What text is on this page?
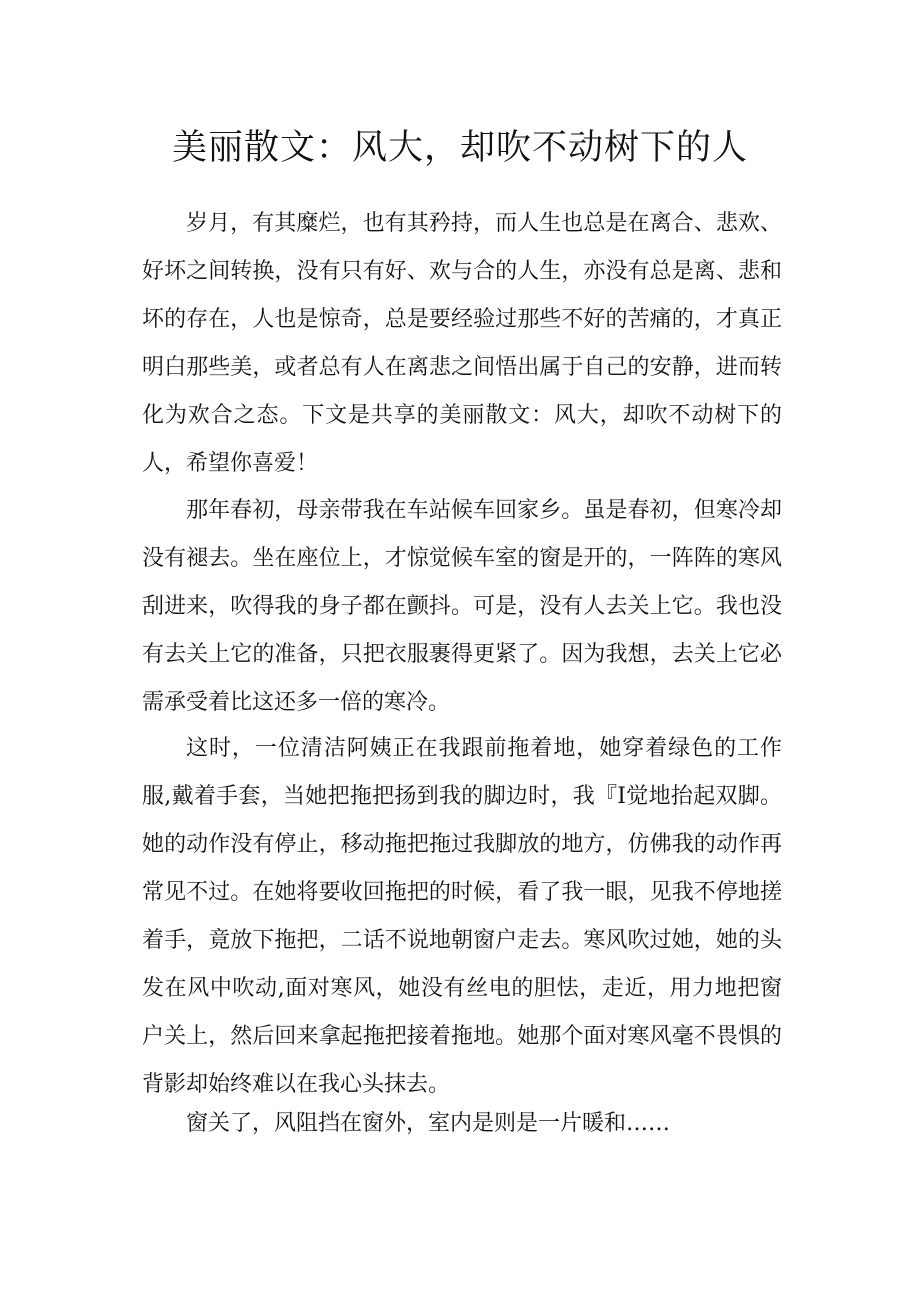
美丽散文：风大，却吹不动树下的人

岁月，有其糜烂，也有其矜持，而人生也总是在离合、悲欢、好坏之间转换，没有只有好、欢与合的人生，亦没有总是离、悲和坏的存在，人也是惊奇，总是要经验过那些不好的苦痛的，才真正明白那些美，或者总有人在离悲之间悟出属于自己的安静，进而转化为欢合之态。下文是共享的美丽散文：风大，却吹不动树下的人，希望你喜爱！

那年春初，母亲带我在车站候车回家乡。虽是春初，但寒冷却没有褪去。坐在座位上，才惊觉候车室的窗是开的，一阵阵的寒风刮进来，吹得我的身子都在颤抖。可是，没有人去关上它。我也没有去关上它的准备，只把衣服裹得更紧了。因为我想，去关上它必需承受着比这还多一倍的寒冷。

这时，一位清洁阿姨正在我跟前拖着地，她穿着绿色的工作服,戴着手套，当她把拖把扬到我的脚边时，我『I觉地抬起双脚。她的动作没有停止，移动拖把拖过我脚放的地方，仿佛我的动作再常见不过。在她将要收回拖把的时候，看了我一眼，见我不停地搓着手，竟放下拖把，二话不说地朝窗户走去。寒风吹过她，她的头发在风中吹动,面对寒风，她没有丝电的胆怯，走近，用力地把窗户关上，然后回来拿起拖把接着拖地。她那个面对寒风毫不畏惧的背影却始终难以在我心头抹去。

窗关了，风阻挡在窗外，室内是则是一片暖和……
